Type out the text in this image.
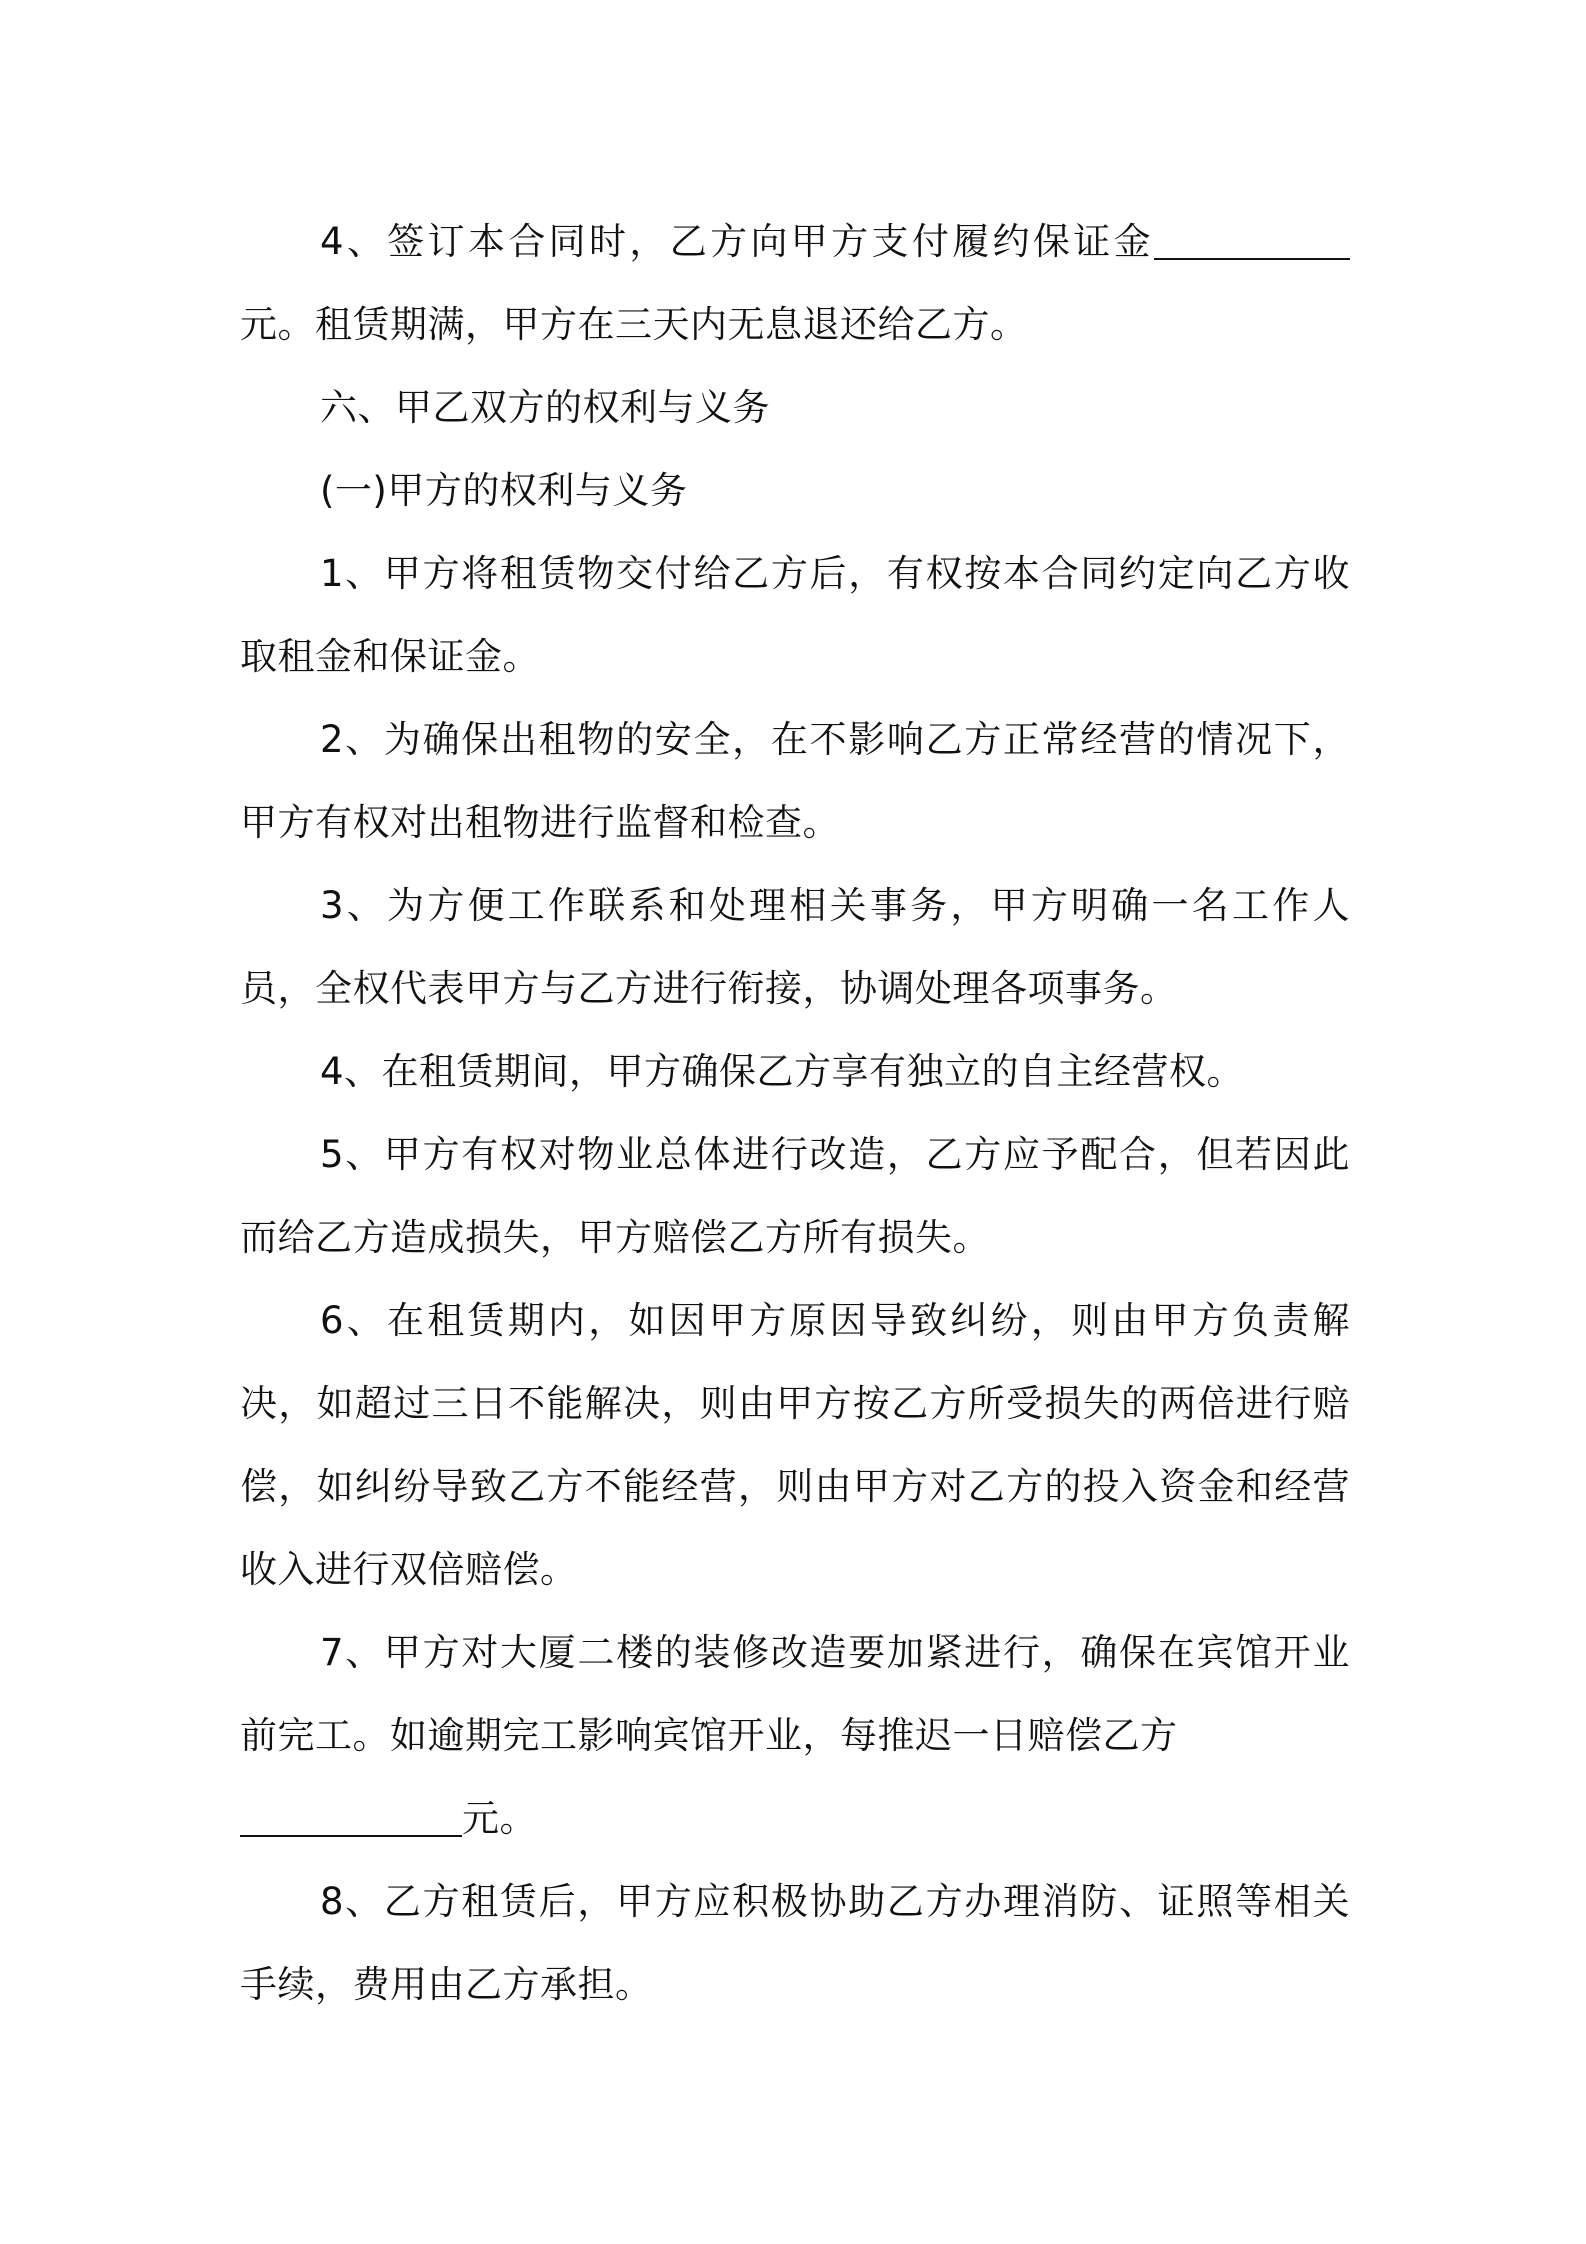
4、签订本合同时，乙方向甲方支付履约保证金元。租赁期满，甲方在三天内无息退还给乙方。

六、甲乙双方的权利与义务

(一)甲方的权利与义务

1、甲方将租赁物交付给乙方后，有权按本合同约定向乙方收取租金和保证金。

2、为确保出租物的安全，在不影响乙方正常经营的情况下，甲方有权对出租物进行监督和检查。

3、为方便工作联系和处理相关事务，甲方明确一名工作人员，全权代表甲方与乙方进行衔接，协调处理各项事务。

4、在租赁期间，甲方确保乙方享有独立的自主经营权。

5、甲方有权对物业总体进行改造，乙方应予配合，但若因此而给乙方造成损失，甲方赔偿乙方所有损失。

6、在租赁期内，如因甲方原因导致纠纷，则由甲方负责解决，如超过三日不能解决，则由甲方按乙方所受损失的两倍进行赔偿，如纠纷导致乙方不能经营，则由甲方对乙方的投入资金和经营收入进行双倍赔偿。

7、甲方对大厦二楼的装修改造要加紧进行，确保在宾馆开业前完工。如逾期完工影响宾馆开业，每推迟一日赔偿乙方
元。

8、乙方租赁后，甲方应积极协助乙方办理消防、证照等相关手续，费用由乙方承担。
